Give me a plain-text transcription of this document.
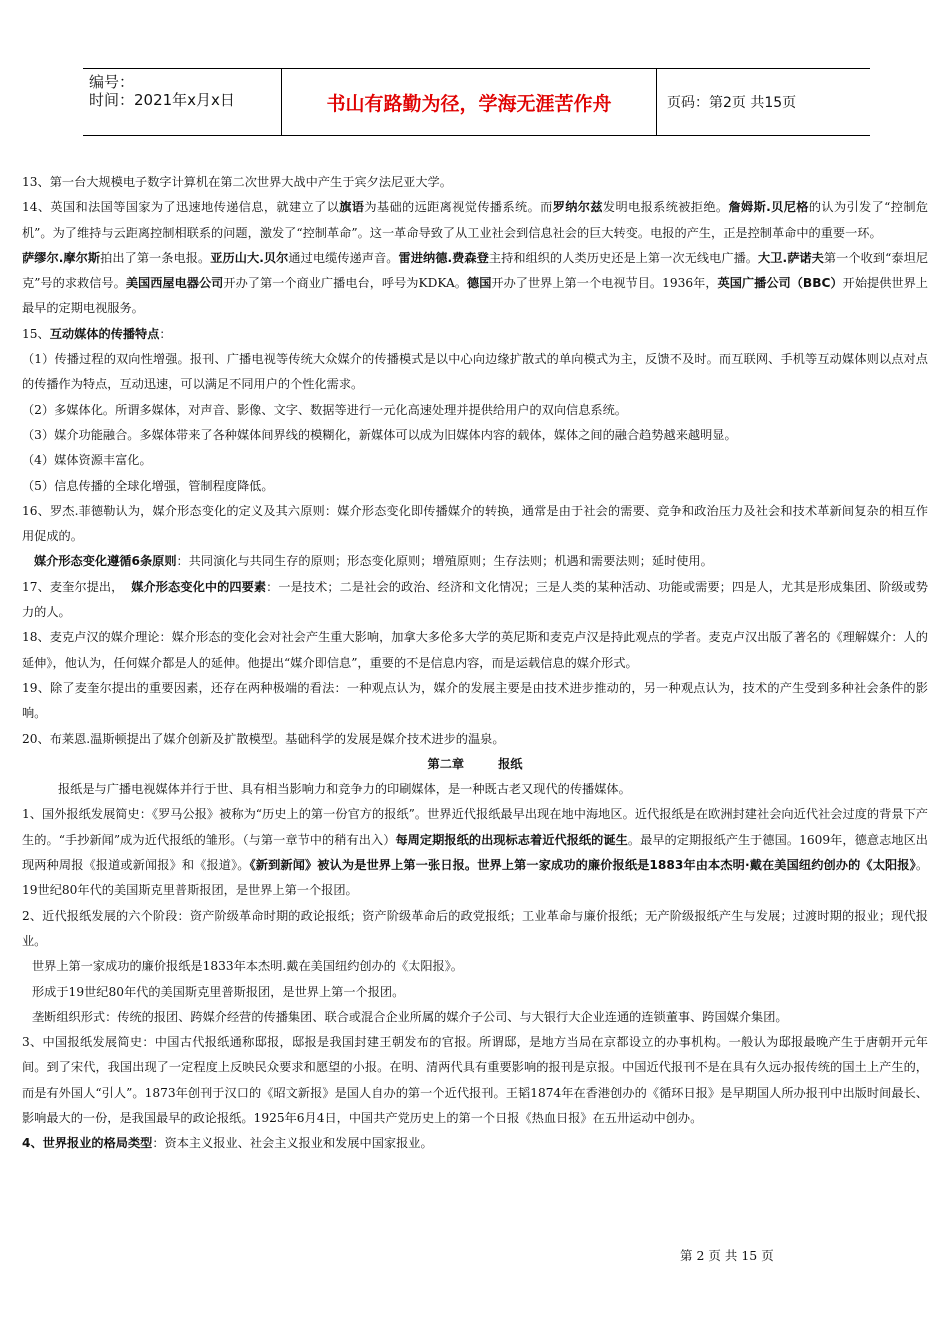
编号：
时间：2021年x月x日	书山有路勤为径，学海无涯苦作舟	页码：第2页 共15页

13、第一台大规模电子数字计算机在第二次世界大战中产生于宾夕法尼亚大学。

14、英国和法国等国家为了迅速地传递信息，就建立了以旗语为基础的远距离视觉传播系统。而罗纳尔兹发明电报系统被拒绝。詹姆斯.贝尼格的认为引发了“控制危机”。为了维持与云距离控制相联系的问题，激发了“控制革命”。这一革命导致了从工业社会到信息社会的巨大转变。电报的产生，正是控制革命中的重要一环。

萨缪尔.摩尔斯拍出了第一条电报。亚历山大.贝尔通过电缆传递声音。雷进纳德.费森登主持和组织的人类历史还是上第一次无线电广播。大卫.萨诺夫第一个收到“泰坦尼克”号的求救信号。美国西屋电器公司开办了第一个商业广播电台，呼号为KDKA。德国开办了世界上第一个电视节目。1936年，英国广播公司（BBC）开始提供世界上最早的定期电视服务。

15、互动媒体的传播特点：

（1）传播过程的双向性增强。报刊、广播电视等传统大众媒介的传播模式是以中心向边缘扩散式的单向模式为主，反馈不及时。而互联网、手机等互动媒体则以点对点的传播作为特点，互动迅速，可以满足不同用户的个性化需求。

（2）多媒体化。所谓多媒体，对声音、影像、文字、数据等进行一元化高速处理并提供给用户的双向信息系统。

（3）媒介功能融合。多媒体带来了各种媒体间界线的模糊化，新媒体可以成为旧媒体内容的载体，媒体之间的融合趋势越来越明显。

（4）媒体资源丰富化。

（5）信息传播的全球化增强，管制程度降低。

16、罗杰.菲德勒认为，媒介形态变化的定义及其六原则：媒介形态变化即传播媒介的转换，通常是由于社会的需要、竞争和政治压力及社会和技术革新间复杂的相互作用促成的。

媒介形态变化遵循6条原则：共同演化与共同生存的原则；形态变化原则；增殖原则；生存法则；机遇和需要法则；延时使用。

17、麦奎尔提出，  媒介形态变化中的四要素：一是技术；二是社会的政治、经济和文化情况；三是人类的某种活动、功能或需要；四是人，尤其是形成集团、阶级或势力的人。

18、麦克卢汉的媒介理论：媒介形态的变化会对社会产生重大影响，加拿大多伦多大学的英尼斯和麦克卢汉是持此观点的学者。麦克卢汉出版了著名的《理解媒介：人的延伸》，他认为，任何媒介都是人的延伸。他提出“媒介即信息”，重要的不是信息内容，而是运载信息的媒介形式。

19、除了麦奎尔提出的重要因素，还存在两种极端的看法：一种观点认为，媒介的发展主要是由技术进步推动的，另一种观点认为，技术的产生受到多种社会条件的影响。

20、布莱恩.温斯顿提出了媒介创新及扩散模型。基础科学的发展是媒介技术进步的温泉。

第二章	报纸

报纸是与广播电视媒体并行于世、具有相当影响力和竞争力的印刷媒体，是一种既古老又现代的传播媒体。

1、国外报纸发展简史：《罗马公报》被称为“历史上的第一份官方的报纸”。世界近代报纸最早出现在地中海地区。近代报纸是在欧洲封建社会向近代社会过度的背景下产生的。“手抄新闻”成为近代报纸的雏形。（与第一章节中的稍有出入）每周定期报纸的出现标志着近代报纸的诞生。最早的定期报纸产生于德国。1609年，德意志地区出现两种周报《报道或新闻报》和《报道》。《新到新闻》被认为是世界上第一张日报。世界上第一家成功的廉价报纸是1883年由本杰明·戴在美国纽约创办的《太阳报》。19世纪80年代的美国斯克里普斯报团，是世界上第一个报团。

2、近代报纸发展的六个阶段：资产阶级革命时期的政论报纸；资产阶级革命后的政党报纸；工业革命与廉价报纸；无产阶级报纸产生与发展；过渡时期的报业；现代报业。

世界上第一家成功的廉价报纸是1833年本杰明.戴在美国纽约创办的《太阳报》。

形成于19世纪80年代的美国斯克里普斯报团，是世界上第一个报团。

垄断组织形式：传统的报团、跨媒介经营的传播集团、联合或混合企业所属的媒介子公司、与大银行大企业连通的连锁董事、跨国媒介集团。

3、中国报纸发展简史：中国古代报纸通称邸报，邸报是我国封建王朝发布的官报。所谓邸，是地方当局在京都设立的办事机构。一般认为邸报最晚产生于唐朝开元年间。到了宋代，我国出现了一定程度上反映民众要求和愿望的小报。在明、清两代具有重要影响的报刊是京报。中国近代报刊不是在具有久远办报传统的国土上产生的，而是有外国人“引人”。1873年创刊于汉口的《昭文新报》是国人自办的第一个近代报刊。王韬1874年在香港创办的《循环日报》是早期国人所办报刊中出版时间最长、影响最大的一份，是我国最早的政论报纸。1925年6月4日，中国共产党历史上的第一个日报《热血日报》在五卅运动中创办。

4、世界报业的格局类型：资本主义报业、社会主义报业和发展中国家报业。

第 2 页 共 15 页
